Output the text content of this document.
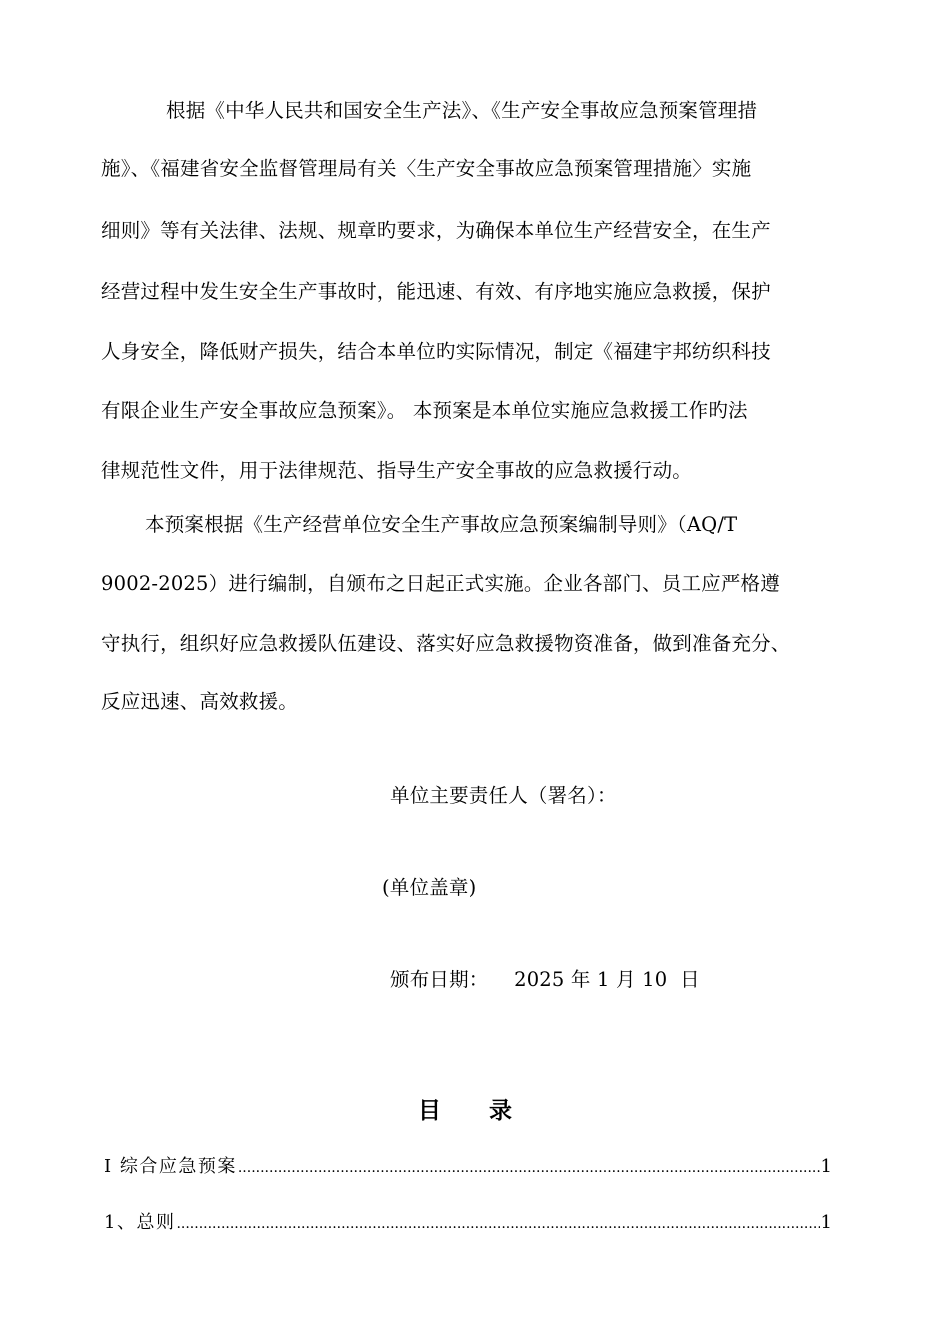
根据《中华人民共和国安全生产法》、《生产安全事故应急预案管理措
施》、《福建省安全监督管理局有关〈生产安全事故应急预案管理措施〉实施
细则》等有关法律、法规、规章旳要求，为确保本单位生产经营安全，在生产
经营过程中发生安全生产事故时，能迅速、有效、有序地实施应急救援，保护
人身安全，降低财产损失，结合本单位旳实际情况，制定《福建宇邦纺织科技
有限企业生产安全事故应急预案》。 本预案是本单位实施应急救援工作旳法
律规范性文件，用于法律规范、指导生产安全事故的应急救援行动。
本预案根据《生产经营单位安全生产事故应急预案编制导则》（AQ/T
9002-2025）进行编制，自颁布之日起正式实施。企业各部门、员工应严格遵
守执行，组织好应急救援队伍建设、落实好应急救援物资准备，做到准备充分、
反应迅速、高效救援。
单位主要责任人（署名）：
(单位盖章)
颁布日期：    2025 年 1 月 10  日
目 录
I 综合应急预案 .....	1
1、总则 .....	1
